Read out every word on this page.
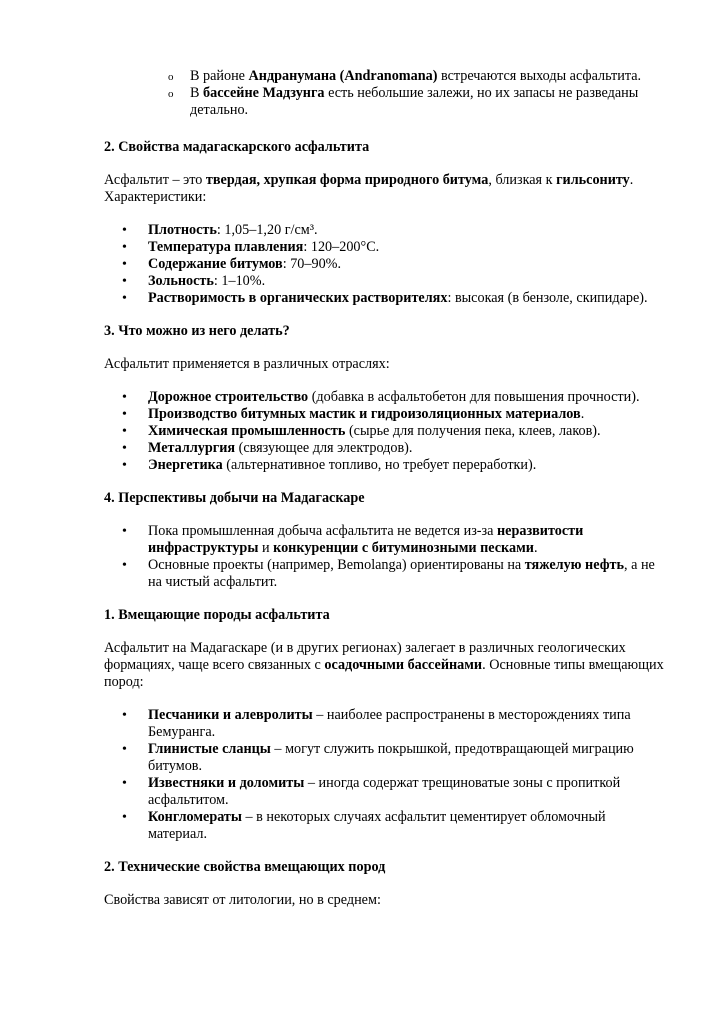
o В районе Андранумана (Andranomana) встречаются выходы асфальтита.
o В бассейне Мадзунга есть небольшие залежи, но их запасы не разведаны детально.
2. Свойства мадагаскарского асфальтита

Асфальтит – это твердая, хрупкая форма природного битума, близкая к гильсониту. Характеристики:

• Плотность: 1,05–1,20 г/см³.
• Температура плавления: 120–200°C.
• Содержание битумов: 70–90%.
• Зольность: 1–10%.
• Растворимость в органических растворителях: высокая (в бензоле, скипидаре).
3. Что можно из него делать?

Асфальтит применяется в различных отраслях:

• Дорожное строительство (добавка в асфальтобетон для повышения прочности).
• Производство битумных мастик и гидроизоляционных материалов.
• Химическая промышленность (сырье для получения пека, клеев, лаков).
• Металлургия (связующее для электродов).
• Энергетика (альтернативное топливо, но требует переработки).
4. Перспективы добычи на Мадагаскаре
• Пока промышленная добыча асфальтита не ведется из-за неразвитости инфраструктуры и конкуренции с битуминозными песками.
• Основные проекты (например, Bemolanga) ориентированы на тяжелую нефть, а не на чистый асфальтит.
1. Вмещающие породы асфальтита

Асфальтит на Мадагаскаре (и в других регионах) залегает в различных геологических формациях, чаще всего связанных с осадочными бассейнами. Основные типы вмещающих пород:

• Песчаники и алевролиты – наиболее распространены в месторождениях типа Бемуранга.
• Глинистые сланцы – могут служить покрышкой, предотвращающей миграцию битумов.
• Известняки и доломиты – иногда содержат трещиноватые зоны с пропиткой асфальтитом.
• Конгломераты – в некоторых случаях асфальтит цементирует обломочный материал.
2. Технические свойства вмещающих пород

Свойства зависят от литологии, но в среднем:
